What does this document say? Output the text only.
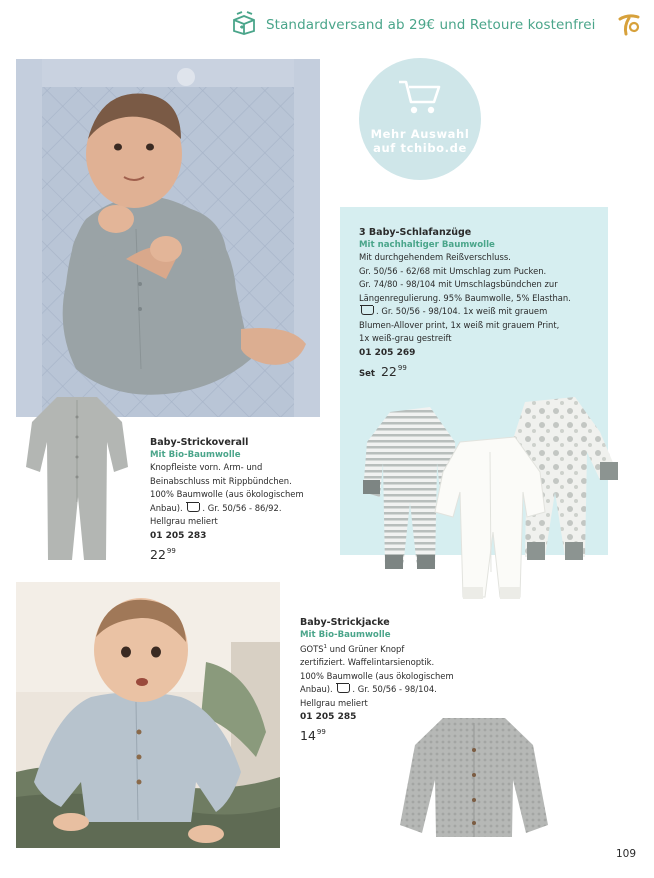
Standardversand ab 29€ und Retoure kostenfrei
Mehr Auswahl
auf tchibo.de
3 Baby-Schlafanzüge
Mit nachhaltiger Baumwolle
Mit durchgehendem Reißverschluss.
Gr. 50/56 - 62/68 mit Umschlag zum Pucken.
Gr. 74/80 - 98/104 mit Umschlagsbündchen zur
Längenregulierung. 95% Baumwolle, 5% Elasthan.
. Gr. 50/56 - 98/104. 1x weiß mit grauem
Blumen-Allover print, 1x weiß mit grauem Print,
1x weiß-grau gestreift
01 205 269
Set $22^{99}$
Baby-Strickoverall
Mit Bio-Baumwolle
Knopfleiste vorn. Arm- und
Beinabschluss mit Rippbündchen.
100% Baumwolle (aus ökologischem
Anbau). . Gr. 50/56 - 86/92.
Hellgrau meliert
01 205 283
$22^{99}$
Baby-Strickjacke
Mit Bio-Baumwolle
GOTS$^1$ und Grüner Knopf
zertifiziert. Waffelintarsienoptik.
100% Baumwolle (aus ökologischem
Anbau). . Gr. 50/56 - 98/104.
Hellgrau meliert
01 205 285
$14^{99}$
109
